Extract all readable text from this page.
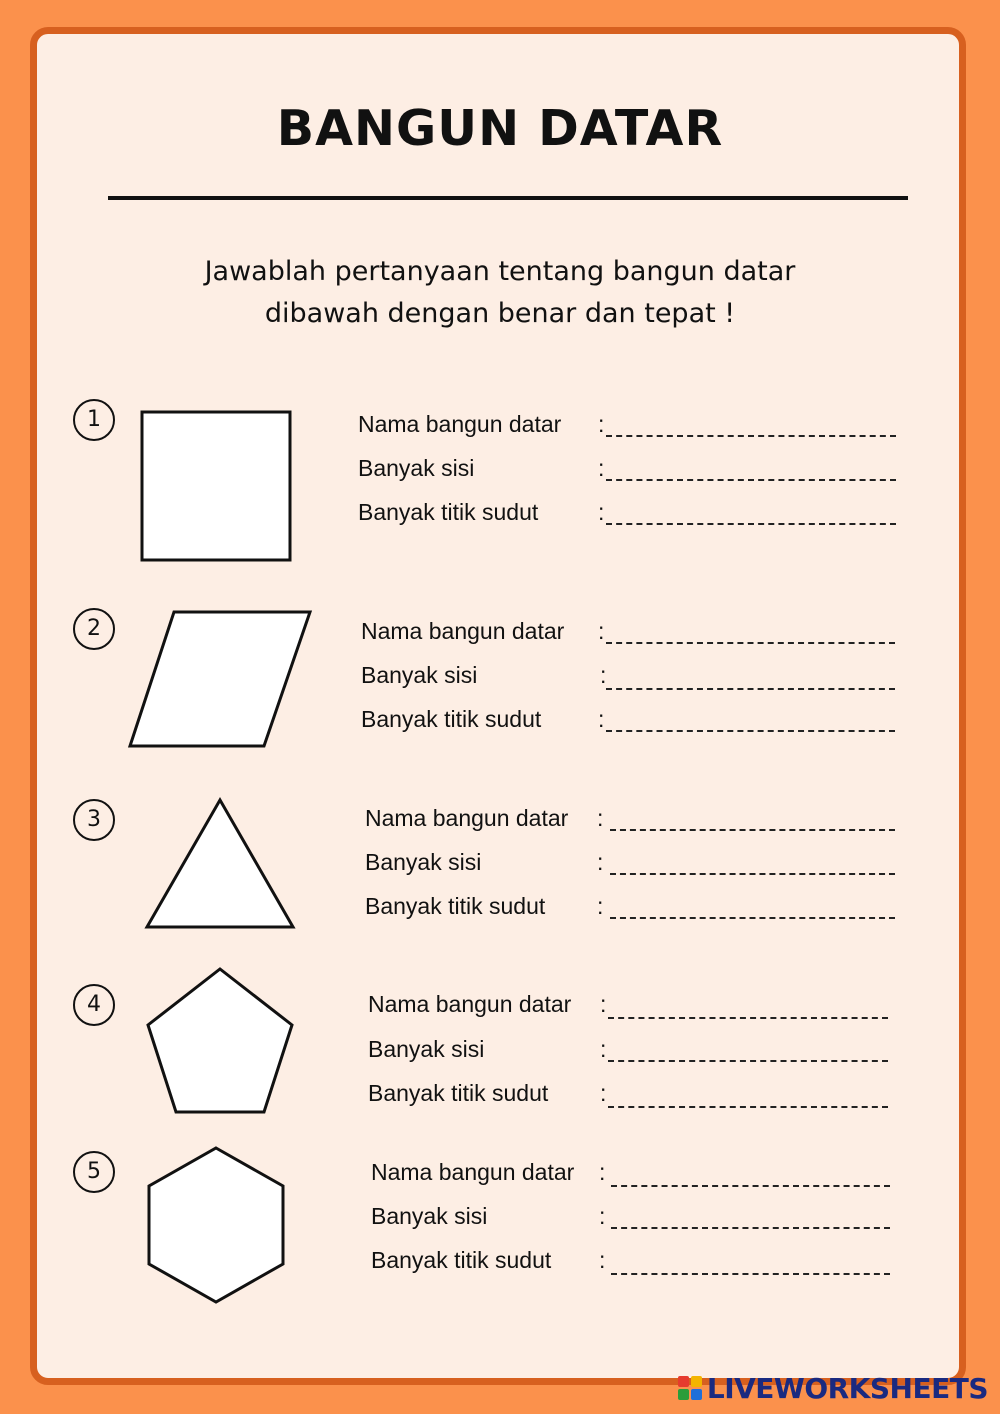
BANGUN DATAR
Jawablah pertanyaan tentang bangun datar
dibawah dengan benar dan tepat !
1	Nama bangun datar :
Banyak sisi	:
Banyak titik sudut	:
2	Nama bangun datar :
Banyak sisi	:
Banyak titik sudut :
3	Nama bangun datar :
Banyak sisi	:
Banyak titik sudut :
4	Nama bangun datar :
Banyak sisi	:
Banyak titik sudut :
5	Nama bangun datar :
Banyak sisi	:
Banyak titik sudut :
LIVEWORKSHEETS
